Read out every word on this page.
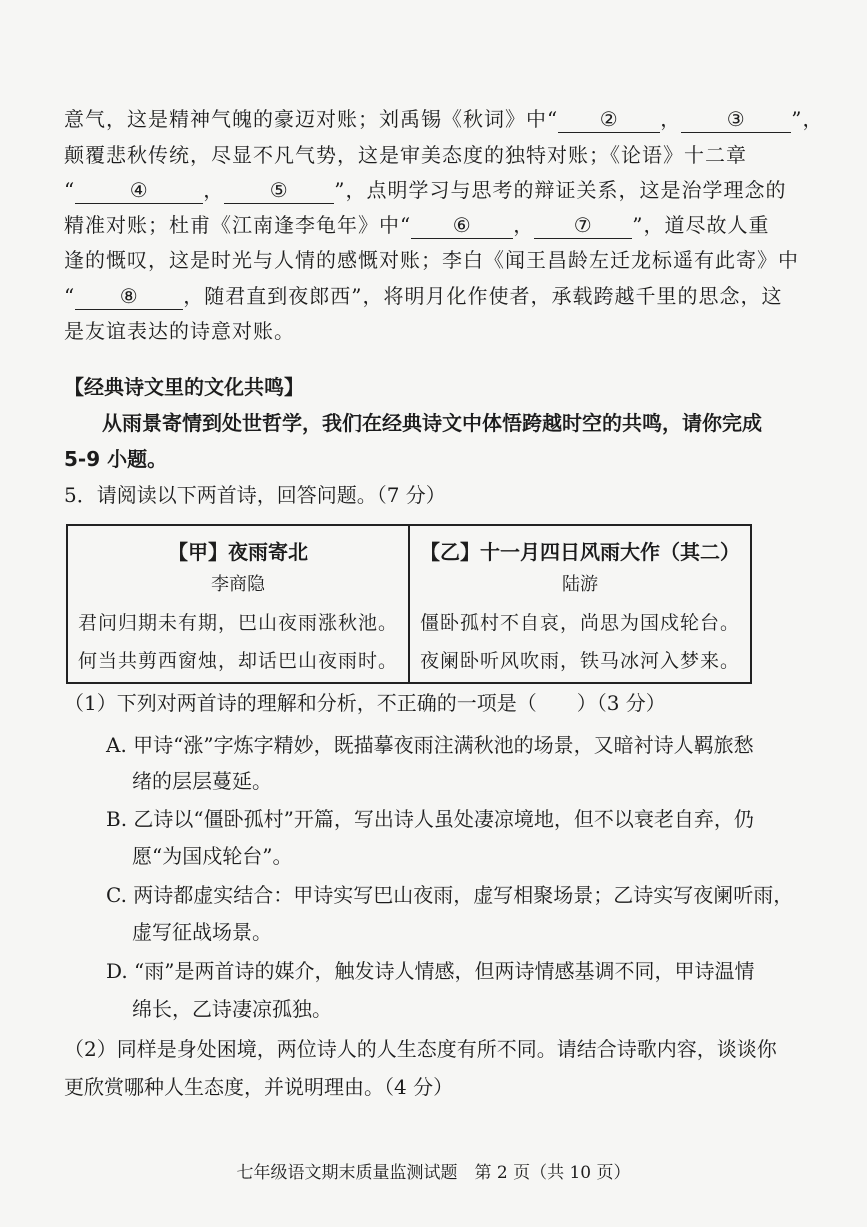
意气，这是精神气魄的豪迈对账；刘禹锡《秋词》中“ ② ， ③ ”，
颠覆悲秋传统，尽显不凡气势，这是审美态度的独特对账；《论语》十二章
“	④	， ⑤ ”，点明学习与思考的辩证关系，这是治学理念的
精准对账；杜甫《江南逢李龟年》中“ ⑥ ， ⑦ ”，道尽故人重
逢的慨叹，这是时光与人情的感慨对账；李白《闻王昌龄左迁龙标遥有此寄》中
“ ⑧ ，随君直到夜郎西”，将明月化作使者，承载跨越千里的思念，这
是友谊表达的诗意对账。
【经典诗文里的文化共鸣】
从雨景寄情到处世哲学，我们在经典诗文中体悟跨越时空的共鸣，请你完成
5-9 小题。
5．请阅读以下两首诗，回答问题。（7 分）
【甲】夜雨寄北
李商隐
君问归期未有期，巴山夜雨涨秋池。
何当共剪西窗烛，却话巴山夜雨时。
【乙】十一月四日风雨大作（其二）
陆游
僵卧孤村不自哀，尚思为国戍轮台。
夜阑卧听风吹雨，铁马冰河入梦来。
（1）下列对两首诗的理解和分析，不正确的一项是（　　）（3 分）
A. 甲诗“涨”字炼字精妙，既描摹夜雨注满秋池的场景，又暗衬诗人羁旅愁
绪的层层蔓延。
B. 乙诗以“僵卧孤村”开篇，写出诗人虽处凄凉境地，但不以衰老自弃，仍
愿“为国戍轮台”。
C. 两诗都虚实结合：甲诗实写巴山夜雨，虚写相聚场景；乙诗实写夜阑听雨，
虚写征战场景。
D. “雨”是两首诗的媒介，触发诗人情感，但两诗情感基调不同，甲诗温情
绵长，乙诗凄凉孤独。
（2）同样是身处困境，两位诗人的人生态度有所不同。请结合诗歌内容，谈谈你
更欣赏哪种人生态度，并说明理由。（4 分）
七年级语文期末质量监测试题　第 2 页（共 10 页）
